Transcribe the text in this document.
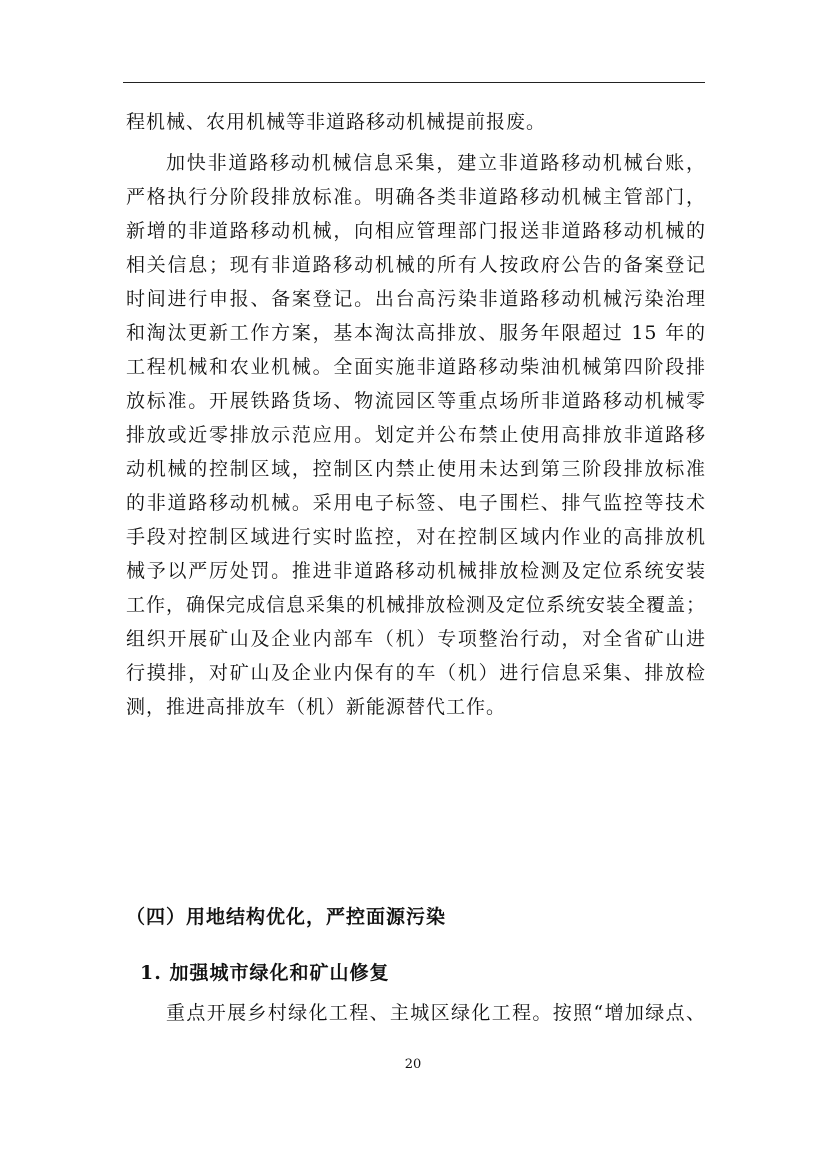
程机械、农用机械等非道路移动机械提前报废。
加快非道路移动机械信息采集，建立非道路移动机械台账，
严格执行分阶段排放标准。明确各类非道路移动机械主管部门，
新增的非道路移动机械，向相应管理部门报送非道路移动机械的
相关信息；现有非道路移动机械的所有人按政府公告的备案登记
时间进行申报、备案登记。出台高污染非道路移动机械污染治理
和淘汰更新工作方案，基本淘汰高排放、服务年限超过 15 年的
工程机械和农业机械。全面实施非道路移动柴油机械第四阶段排
放标准。开展铁路货场、物流园区等重点场所非道路移动机械零
排放或近零排放示范应用。划定并公布禁止使用高排放非道路移
动机械的控制区域，控制区内禁止使用未达到第三阶段排放标准
的非道路移动机械。采用电子标签、电子围栏、排气监控等技术
手段对控制区域进行实时监控，对在控制区域内作业的高排放机
械予以严厉处罚。推进非道路移动机械排放检测及定位系统安装
工作，确保完成信息采集的机械排放检测及定位系统安装全覆盖；
组织开展矿山及企业内部车（机）专项整治行动，对全省矿山进
行摸排，对矿山及企业内保有的车（机）进行信息采集、排放检
测，推进高排放车（机）新能源替代工作。
（四）用地结构优化，严控面源污染
1. 加强城市绿化和矿山修复
重点开展乡村绿化工程、主城区绿化工程。按照“增加绿点、
20
